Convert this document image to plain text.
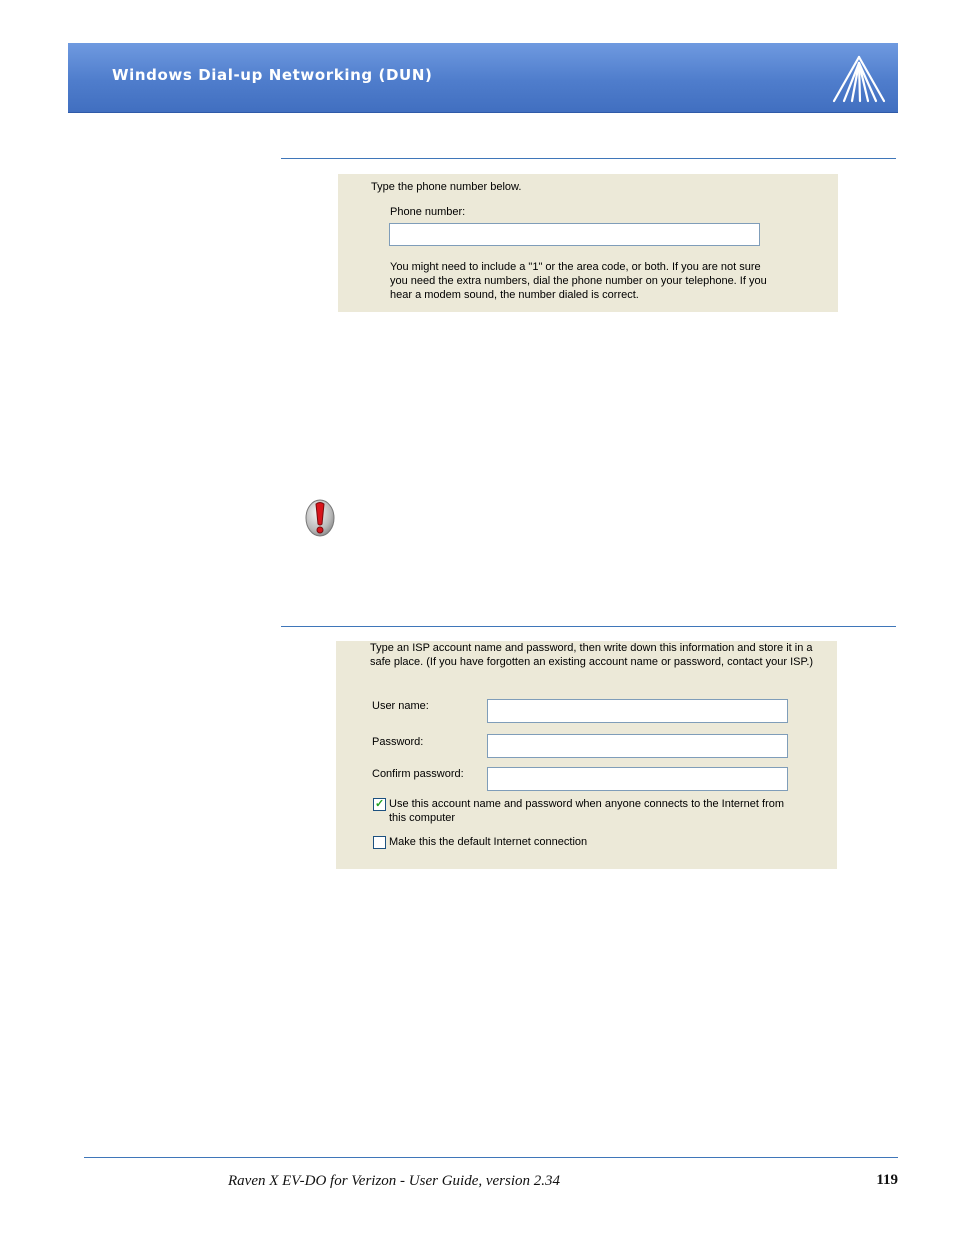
Windows Dial-up Networking (DUN)
Type the phone number below.
Phone number:
You might need to include a "1" or the area code, or both. If you are not sure
you need the extra numbers, dial the phone number on your telephone. If you
hear a modem sound, the number dialed is correct.
Type an ISP account name and password, then write down this information and store it in a
safe place. (If you have forgotten an existing account name or password, contact your ISP.)
User name:
Password:
Confirm password:
✓ Use this account name and password when anyone connects to the Internet from
this computer
Make this the default Internet connection
Raven X EV-DO for Verizon - User Guide, version 2.34	119
